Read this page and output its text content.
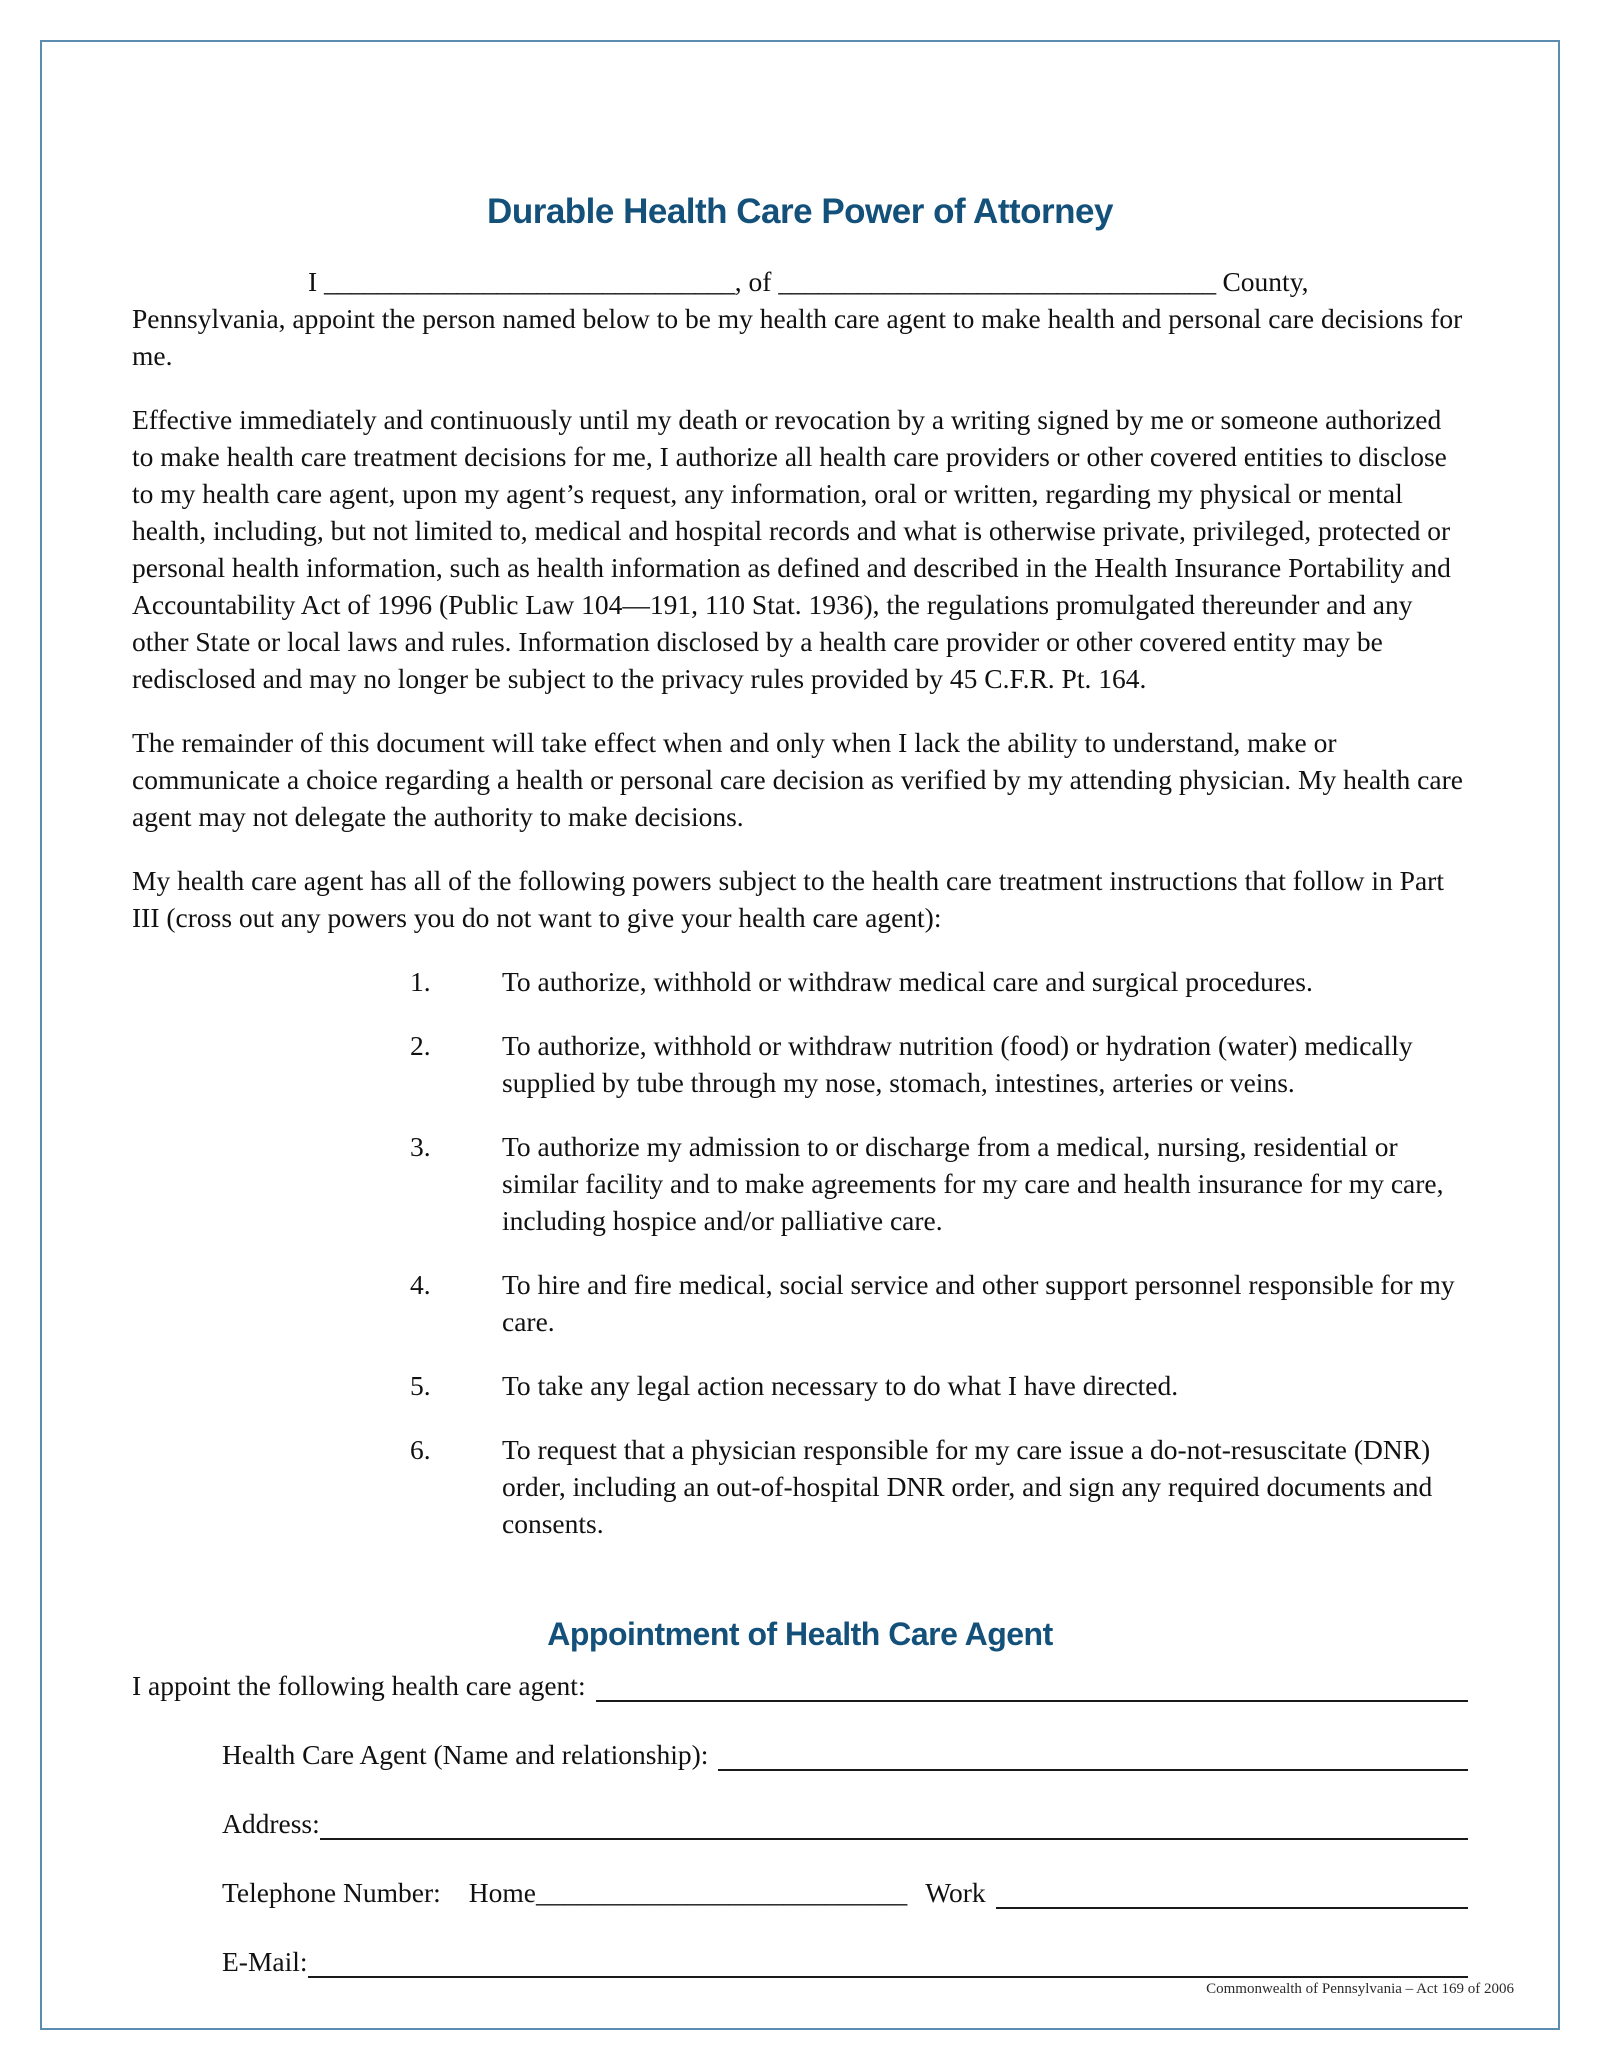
Durable Health Care Power of Attorney

I _______________________________, of _________________________________ County, Pennsylvania, appoint the person named below to be my health care agent to make health and personal care decisions for me.

Effective immediately and continuously until my death or revocation by a writing signed by me or someone authorized to make health care treatment decisions for me, I authorize all health care providers or other covered entities to disclose to my health care agent, upon my agent’s request, any information, oral or written, regarding my physical or mental health, including, but not limited to, medical and hospital records and what is otherwise private, privileged, protected or personal health information, such as health information as defined and described in the Health Insurance Portability and Accountability Act of 1996 (Public Law 104—191, 110 Stat. 1936), the regulations promulgated thereunder and any other State or local laws and rules. Information disclosed by a health care provider or other covered entity may be redisclosed and may no longer be subject to the privacy rules provided by 45 C.F.R. Pt. 164.

The remainder of this document will take effect when and only when I lack the ability to understand, make or communicate a choice regarding a health or personal care decision as verified by my attending physician. My health care agent may not delegate the authority to make decisions.

My health care agent has all of the following powers subject to the health care treatment instructions that follow in Part III (cross out any powers you do not want to give your health care agent):

1.	To authorize, withhold or withdraw medical care and surgical procedures.
2.	To authorize, withhold or withdraw nutrition (food) or hydration (water) medically supplied by tube through my nose, stomach, intestines, arteries or veins.
3.	To authorize my admission to or discharge from a medical, nursing, residential or similar facility and to make agreements for my care and health insurance for my care, including hospice and/or palliative care.
4.	To hire and fire medical, social service and other support personnel responsible for my care.
5.	To take any legal action necessary to do what I have directed.
6.	To request that a physician responsible for my care issue a do-not-resuscitate (DNR) order, including an out-of-hospital DNR order, and sign any required documents and consents.
Appointment of Health Care Agent
I appoint the following health care agent:
Health Care Agent (Name and relationship):
Address:
Telephone Number:	Home ___________________________ Work
E-Mail:
Commonwealth of Pennsylvania – Act 169 of 2006
